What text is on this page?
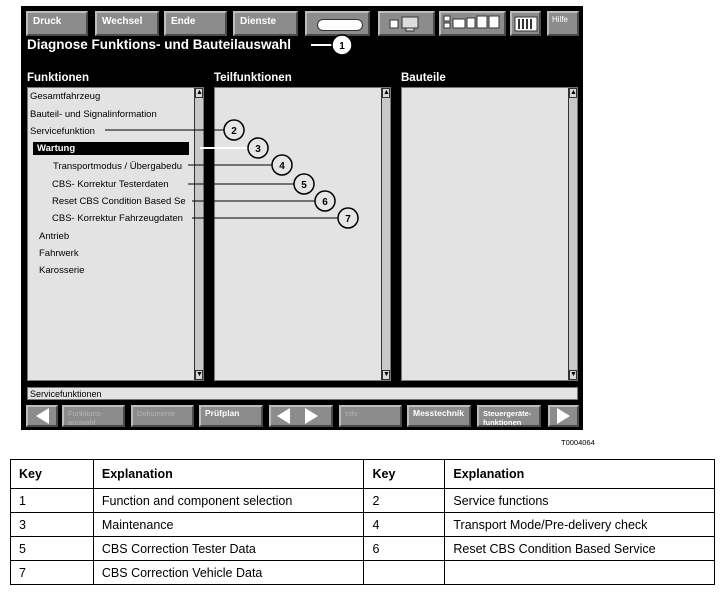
Druck	Wechsel	Ende	Dienste	Hilfe
Diagnose Funktions- und Bauteilauswahl
Funktionen	Teilfunktionen	Bauteile
Gesamtfahrzeug
Bauteil- und Signalinformation
Servicefunktion
Wartung
Transportmodus / Übergabedu
CBS- Korrektur Testerdaten
Reset CBS Condition Based Se
CBS- Korrektur Fahrzeugdaten
Antrieb
Fahrwerk
Karosserie
▲
▼
▲
▼
▲
▼
Servicefunktionen
Funktions-
auswahl
Dokumente	Prüfplan	Info	Messtechnik	Steuergeräte-
funktionen
1
2
3
4
5
6
7
T0004064
Key	Explanation	Key	Explanation
1	Function and component selection	2	Service functions
3	Maintenance	4	Transport Mode/Pre-delivery check
5	CBS Correction Tester Data	6	Reset CBS Condition Based Service
7	CBS Correction Vehicle Data		
